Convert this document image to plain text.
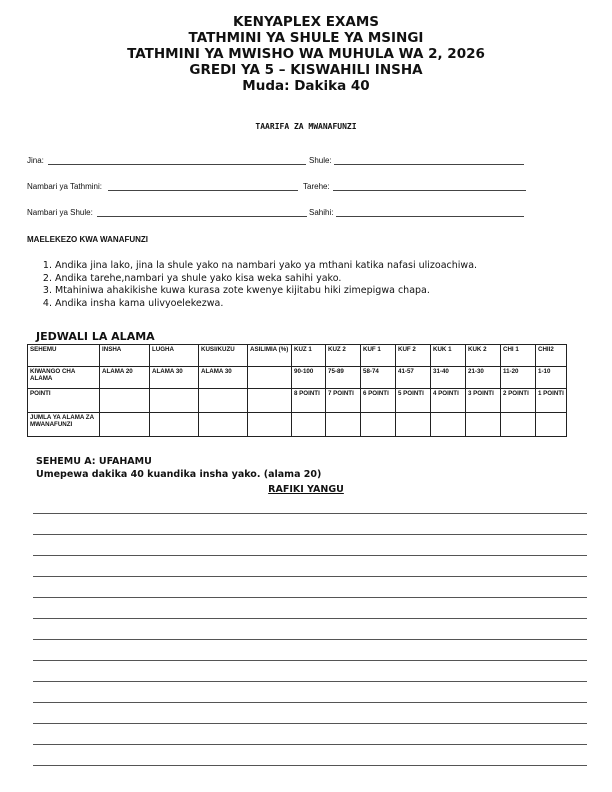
KENYAPLEX EXAMS
TATHMINI YA SHULE YA MSINGI
TATHMINI YA MWISHO WA MUHULA WA 2, 2026
GREDI YA 5 – KISWAHILI INSHA
Muda: Dakika 40
TAARIFA ZA MWANAFUNZI
Jina:	Shule:
Nambari ya Tathmini:	Tarehe:
Nambari ya Shule:	Sahihi:
MAELEKEZO KWA WANAFUNZI
1. Andika jina lako, jina la shule yako na nambari yako ya mthani katika nafasi ulizoachiwa.
2. Andika tarehe,nambari ya shule yako kisa weka sahihi yako.
3. Mtahiniwa ahakikishe kuwa kurasa zote kwenye kijitabu hiki zimepigwa chapa.
4. Andika insha kama ulivyoelekezwa.
JEDWALI LA ALAMA
SEHEMU	INSHA	LUGHA	KUSI/KUZU	ASILIMIA (%)	KUZ 1	KUZ 2	KUF 1	KUF 2	KUK 1	KUK 2	CHI 1	CHII2
KIWANGO CHA ALAMA	ALAMA 20	ALAMA 30	ALAMA 30		90-100	75-89	58-74	41-57	31-40	21-30	11-20	1-10
POINTI					8 POINTI	7 POINTI	6 POINTI	5 POINTI	4 POINTI	3 POINTI	2 POINTI	1 POINTI
JUMLA YA ALAMA ZA MWANAFUNZI												
SEHEMU A: UFAHAMU
Umepewa dakika 40 kuandika insha yako. (alama 20)
RAFIKI YANGU
